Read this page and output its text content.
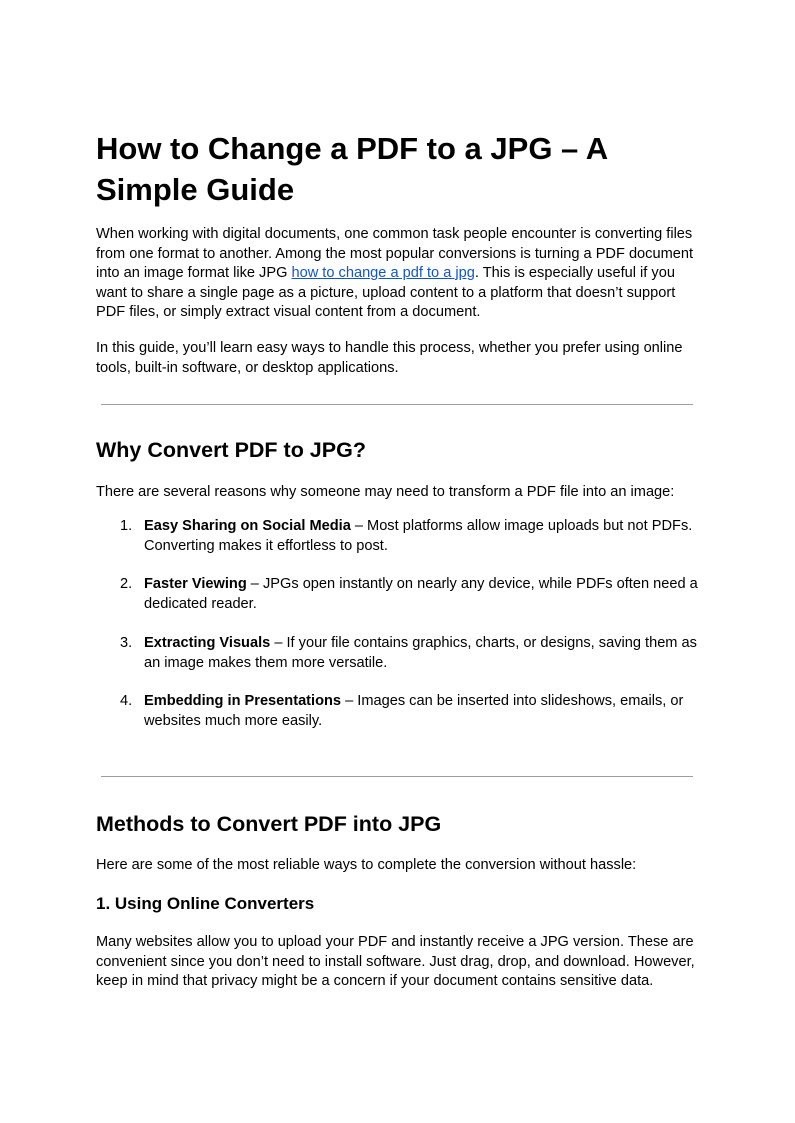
How to Change a PDF to a JPG – A Simple Guide

When working with digital documents, one common task people encounter is converting files from one format to another. Among the most popular conversions is turning a PDF document into an image format like JPG how to change a pdf to a jpg. This is especially useful if you want to share a single page as a picture, upload content to a platform that doesn’t support PDF files, or simply extract visual content from a document.

In this guide, you’ll learn easy ways to handle this process, whether you prefer using online tools, built-in software, or desktop applications.

Why Convert PDF to JPG?

There are several reasons why someone may need to transform a PDF file into an image:

1. Easy Sharing on Social Media – Most platforms allow image uploads but not PDFs. Converting makes it effortless to post.
2. Faster Viewing – JPGs open instantly on nearly any device, while PDFs often need a dedicated reader.
3. Extracting Visuals – If your file contains graphics, charts, or designs, saving them as an image makes them more versatile.
4. Embedding in Presentations – Images can be inserted into slideshows, emails, or websites much more easily.
Methods to Convert PDF into JPG

Here are some of the most reliable ways to complete the conversion without hassle:

1. Using Online Converters

Many websites allow you to upload your PDF and instantly receive a JPG version. These are convenient since you don’t need to install software. Just drag, drop, and download. However, keep in mind that privacy might be a concern if your document contains sensitive data.
